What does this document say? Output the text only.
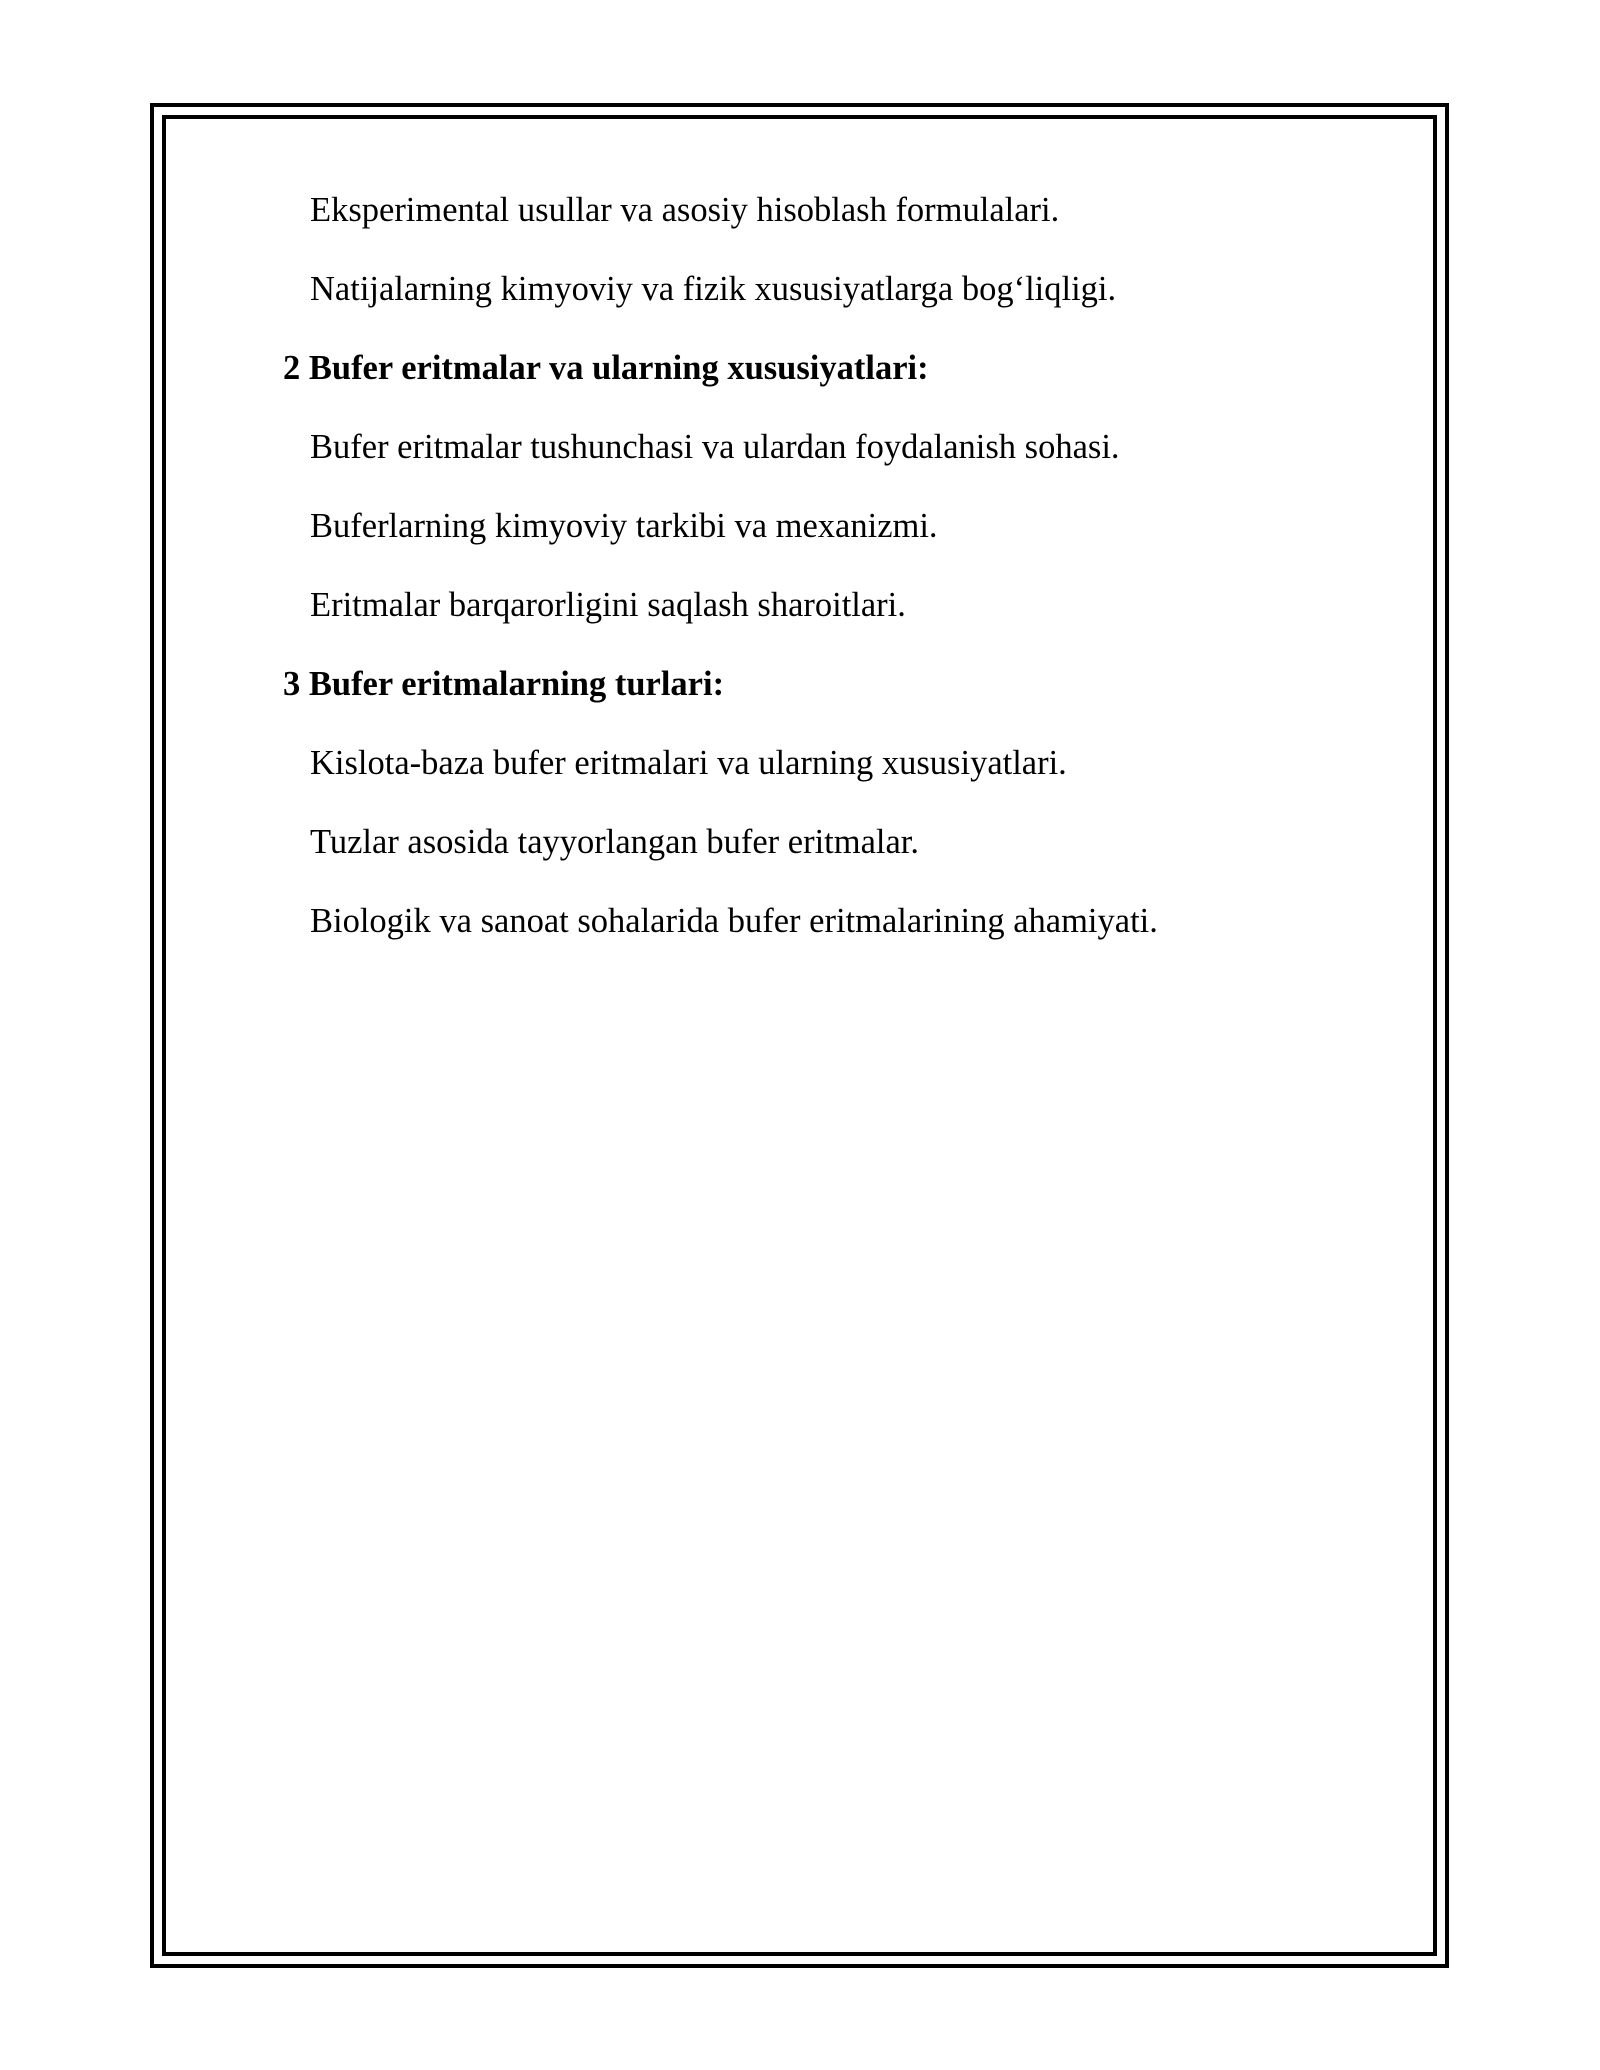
Eksperimental usullar va asosiy hisoblash formulalari.
Natijalarning kimyoviy va fizik xususiyatlarga bog‘liqligi.
2 Bufer eritmalar va ularning xususiyatlari:
Bufer eritmalar tushunchasi va ulardan foydalanish sohasi.
Buferlarning kimyoviy tarkibi va mexanizmi.
Eritmalar barqarorligini saqlash sharoitlari.
3 Bufer eritmalarning turlari:
Kislota-baza bufer eritmalari va ularning xususiyatlari.
Tuzlar asosida tayyorlangan bufer eritmalar.
Biologik va sanoat sohalarida bufer eritmalarining ahamiyati.
